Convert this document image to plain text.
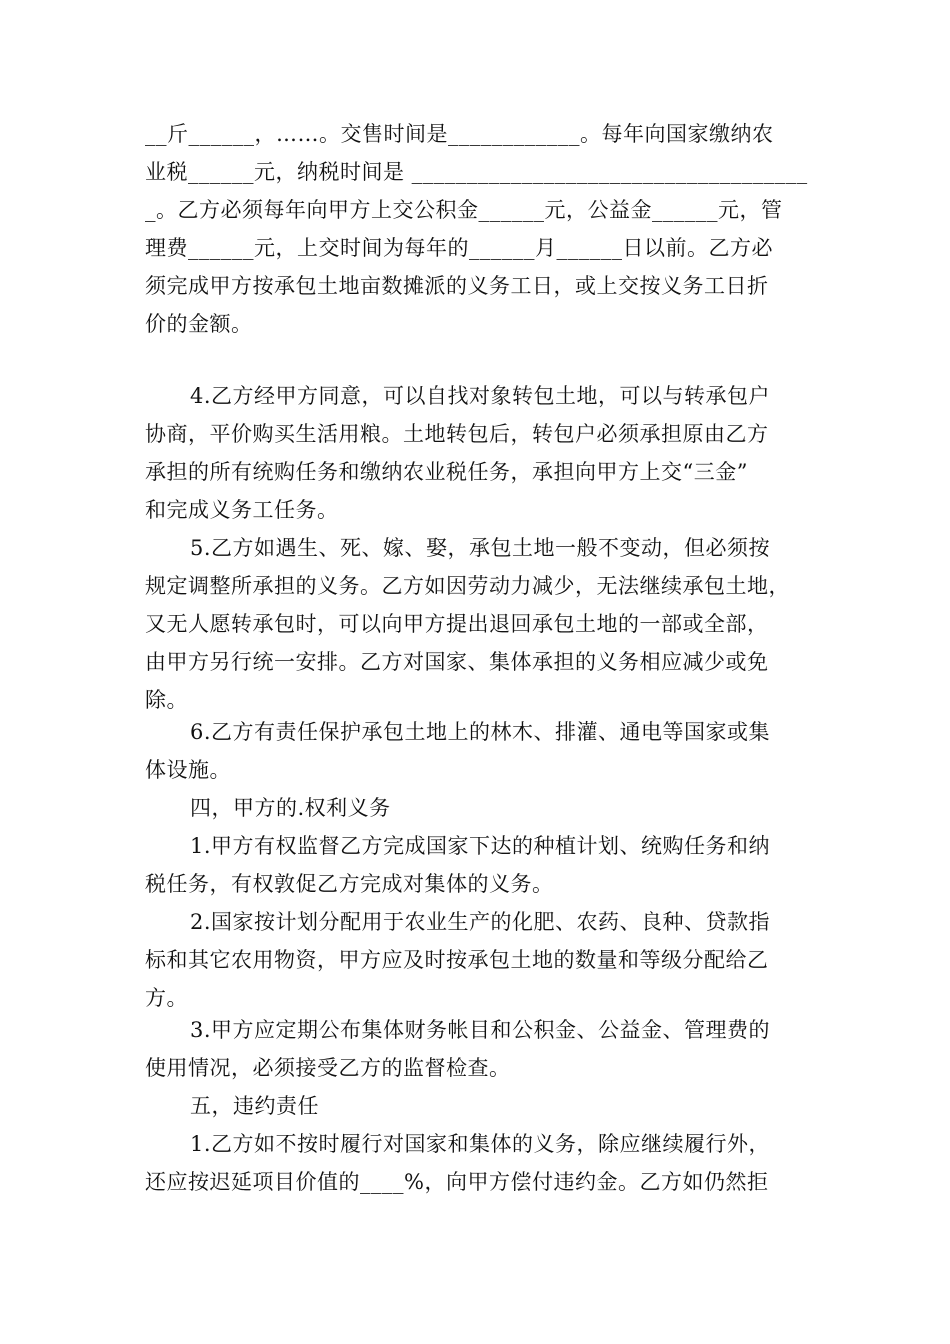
__斤______，……。交售时间是____________。每年向国家缴纳农
业税______元，纳税时间是 ____________________________________
_。乙方必须每年向甲方上交公积金______元，公益金______元，管
理费______元，上交时间为每年的______月______日以前。乙方必
须完成甲方按承包土地亩数摊派的义务工日，或上交按义务工日折
价的金额。
4.乙方经甲方同意，可以自找对象转包土地，可以与转承包户
协商，平价购买生活用粮。土地转包后，转包户必须承担原由乙方
承担的所有统购任务和缴纳农业税任务，承担向甲方上交“三金”
和完成义务工任务。
5.乙方如遇生、死、嫁、娶，承包土地一般不变动，但必须按
规定调整所承担的义务。乙方如因劳动力减少，无法继续承包土地，
又无人愿转承包时，可以向甲方提出退回承包土地的一部或全部，
由甲方另行统一安排。乙方对国家、集体承担的义务相应减少或免
除。
6.乙方有责任保护承包土地上的林木、排灌、通电等国家或集
体设施。
四，甲方的.权利义务
1.甲方有权监督乙方完成国家下达的种植计划、统购任务和纳
税任务，有权敦促乙方完成对集体的义务。
2.国家按计划分配用于农业生产的化肥、农药、良种、贷款指
标和其它农用物资，甲方应及时按承包土地的数量和等级分配给乙
方。
3.甲方应定期公布集体财务帐目和公积金、公益金、管理费的
使用情况，必须接受乙方的监督检查。
五，违约责任
1.乙方如不按时履行对国家和集体的义务，除应继续履行外，
还应按迟延项目价值的____%，向甲方偿付违约金。乙方如仍然拒
